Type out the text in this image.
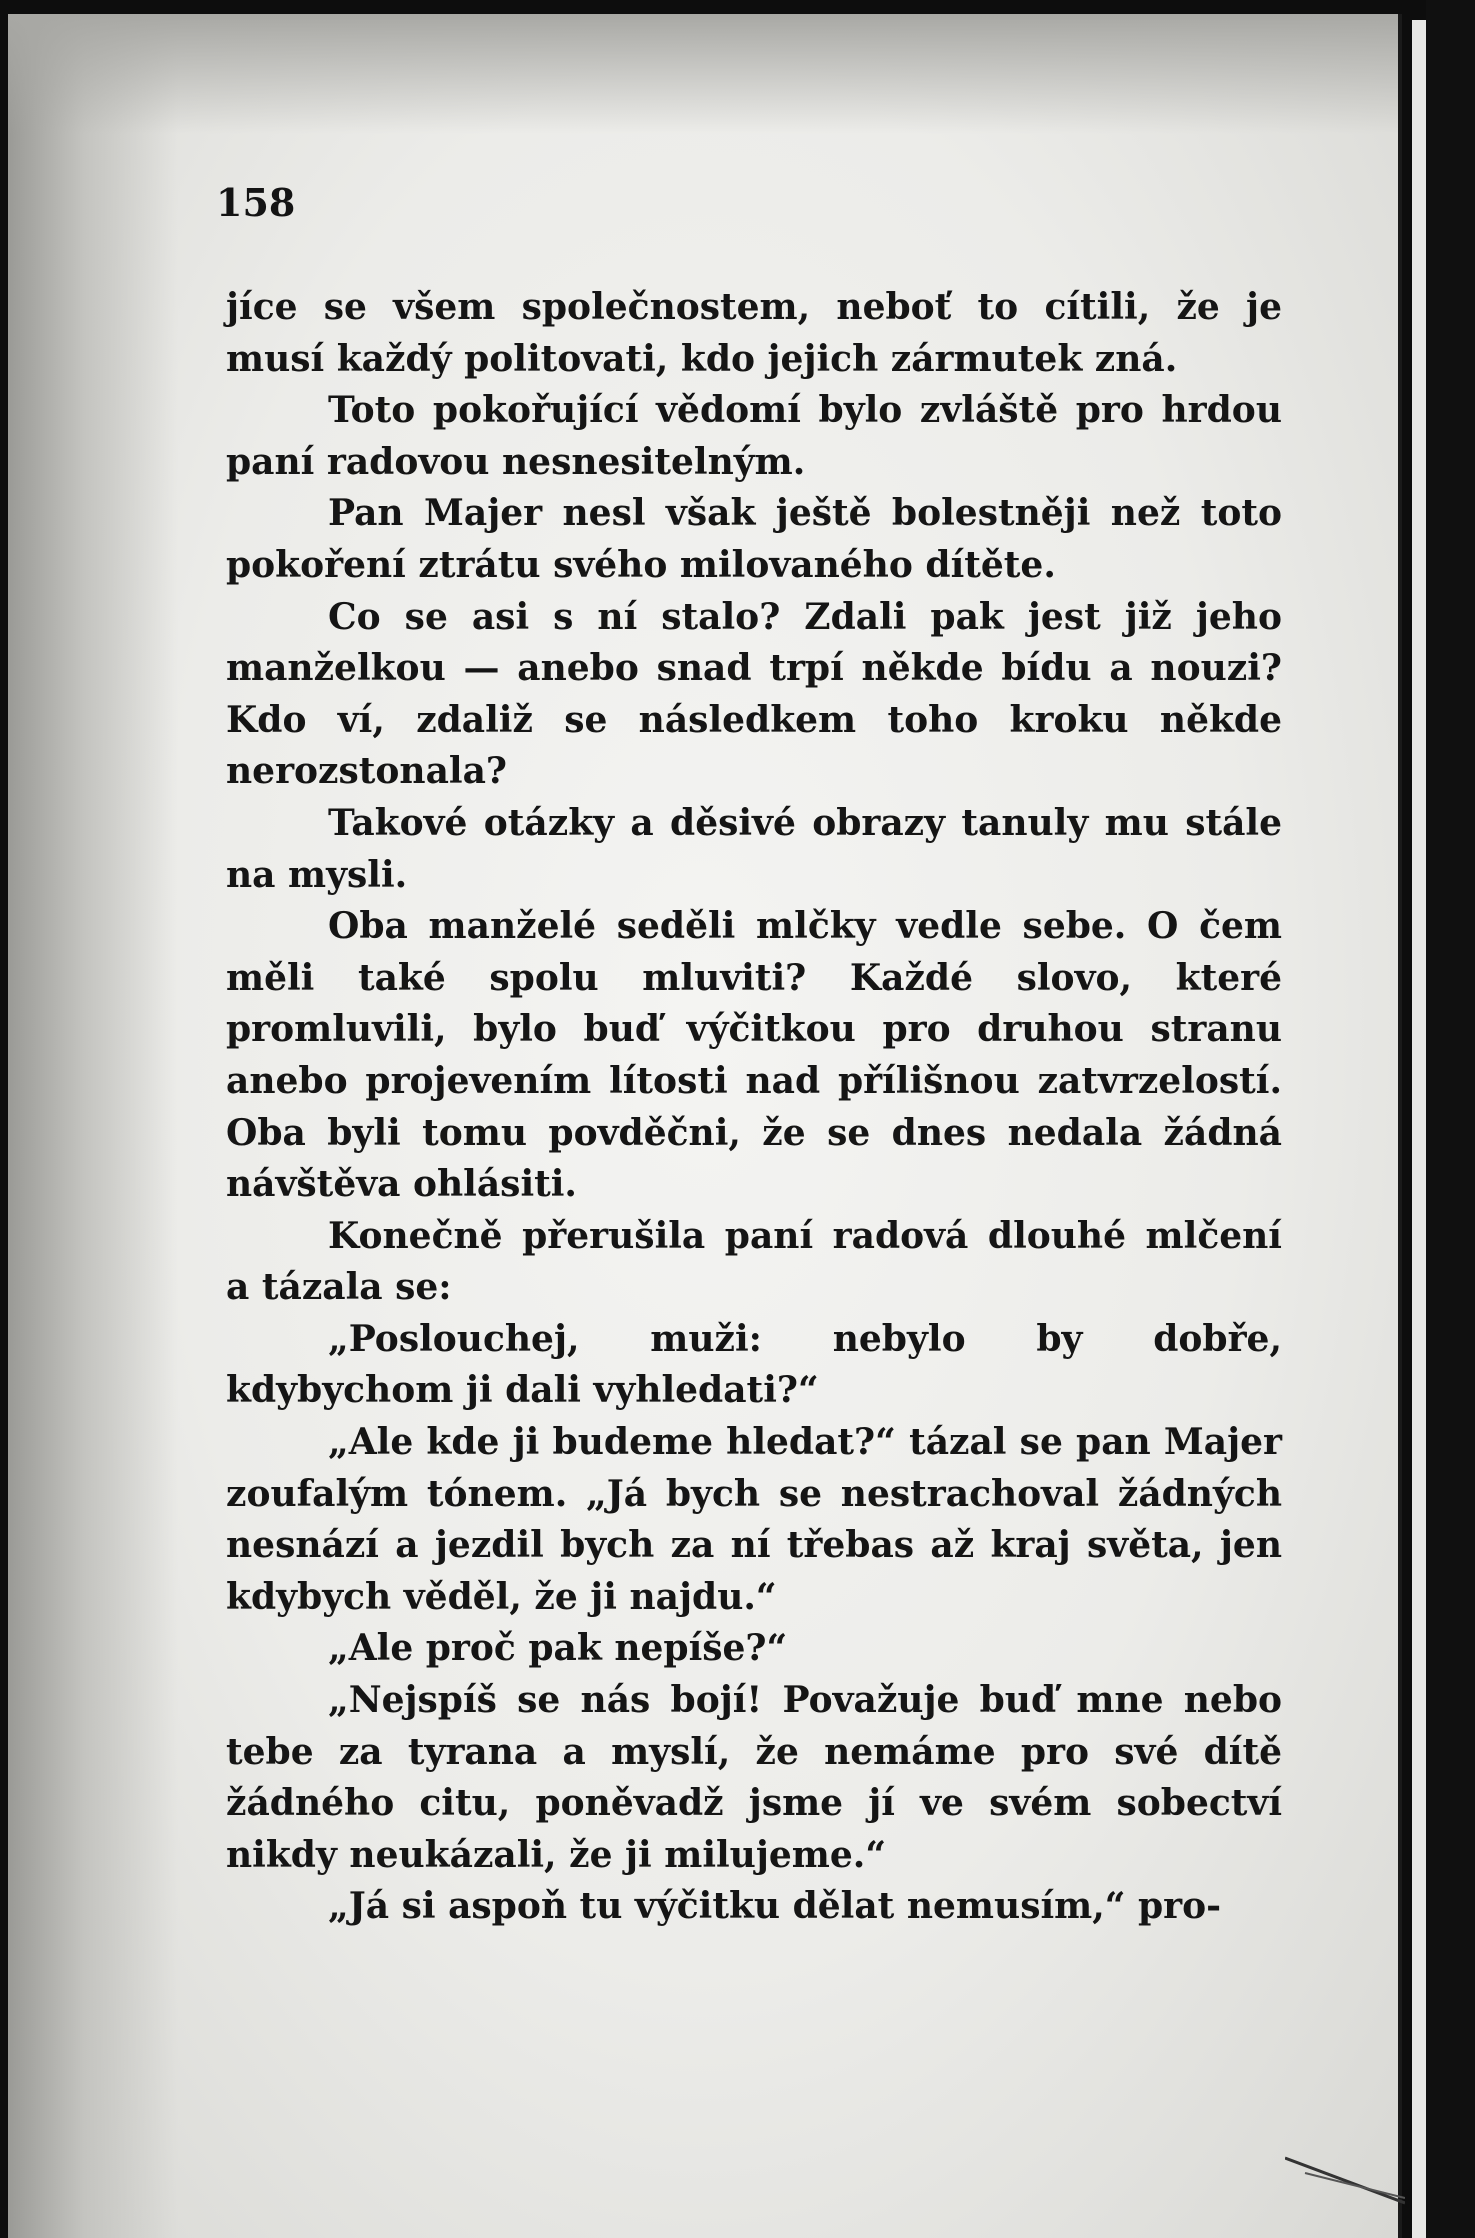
158

jíce se všem společnostem, neboť to cítili, že je musí každý politovati, kdo jejich zármutek zná.

Toto pokořující vědomí bylo zvláště pro hrdou paní radovou nesnesitelným.

Pan Majer nesl však ještě bolestněji než toto pokoření ztrátu svého milovaného dítěte.

Co se asi s ní stalo? Zdali pak jest již jeho manželkou — anebo snad trpí někde bídu a nouzi? Kdo ví, zdaliž se následkem toho kroku někde nerozstonala?

Takové otázky a děsivé obrazy tanuly mu stále na mysli.

Oba manželé seděli mlčky vedle sebe. O čem měli také spolu mluviti? Každé slovo, které promluvili, bylo buď výčitkou pro druhou stranu anebo projevením lítosti nad přílišnou zatvrzelostí. Oba byli tomu povděčni, že se dnes nedala žádná návštěva ohlásiti.

Konečně přerušila paní radová dlouhé mlčení a tázala se:

„Poslouchej, muži: nebylo by dobře, kdybychom ji dali vyhledati?“

„Ale kde ji budeme hledat?“ tázal se pan Majer zoufalým tónem. „Já bych se nestrachoval žádných nesnází a jezdil bych za ní třebas až kraj světa, jen kdybych věděl, že ji najdu.“

„Ale proč pak nepíše?“

„Nejspíš se nás bojí! Považuje buď mne nebo tebe za tyrana a myslí, že nemáme pro své dítě žádného citu, poněvadž jsme jí ve svém sobectví nikdy neukázali, že ji milujeme.“

„Já si aspoň tu výčitku dělat nemusím,“ pro-
